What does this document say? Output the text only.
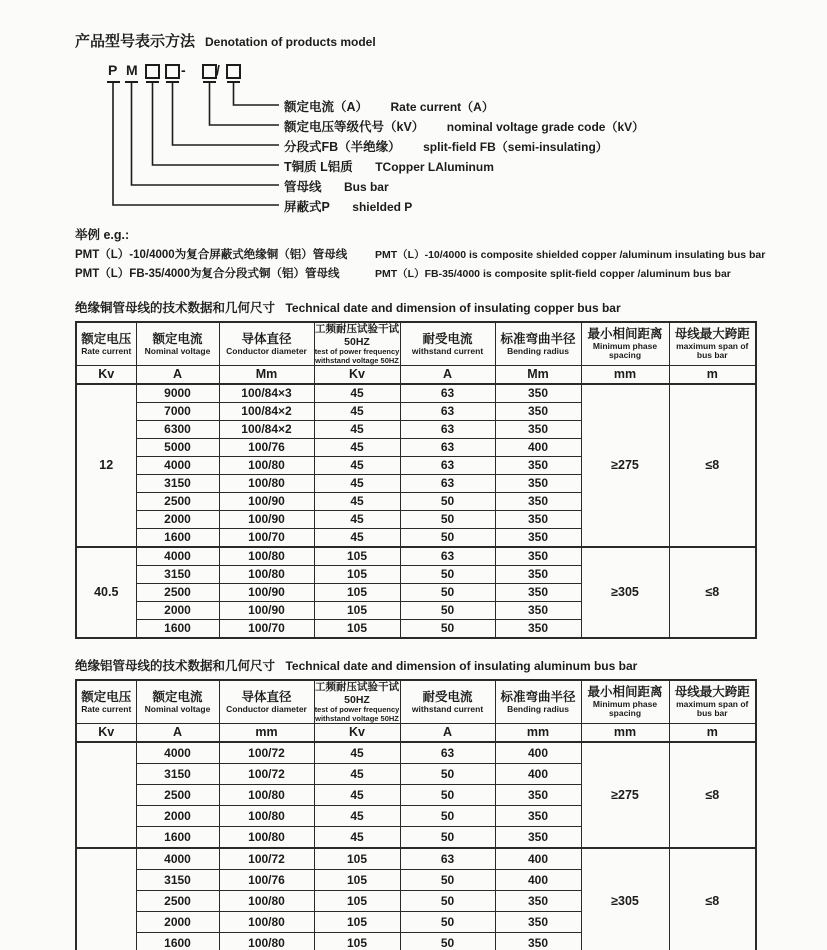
产品型号表示方法 Denotation of products model
P M	- /
额定电流（A） Rate current（A）
额定电压等级代号（kV） nominal voltage grade code（kV）
分段式FB（半绝缘） split-field FB（semi-insulating）
T铜质 L铝质 TCopper LAluminum
管母线 Bus bar
屏蔽式P shielded P
举例 e.g.:
PMT（L）-10/4000为复合屏蔽式绝缘铜（铝）管母线	PMT（L）-10/4000 is composite shielded copper /aluminum insulating bus bar
PMT（L）FB-35/4000为复合分段式铜（铝）管母线	PMT（L）FB-35/4000 is composite split-field copper /aluminum bus bar
绝缘铜管母线的技术数据和几何尺寸 Technical date and dimension of insulating copper bus bar
额定电压
Rate current

额定电流
Nominal voltage

导体直径
Conductor diameter

工频耐压试验干试50HZ
test of power frequency withstand voltage 50HZ

耐受电流
withstand current

标准弯曲半径
Bending radius

最小相间距离
Minimum phase spacing

母线最大跨距
maximum span of bus bar

Kv	A	Mm	Kv	A	Mm	mm	m
12	9000	100/84×3	45	63	350	≥275	≤8
	7000	100/84×2	45	63	350		
	6300	100/84×2	45	63	350		
	5000	100/76	45	63	400		
	4000	100/80	45	63	350		
	3150	100/80	45	63	350		
	2500	100/90	45	50	350		
	2000	100/90	45	50	350		
	1600	100/70	45	50	350		
40.5	4000	100/80	105	63	350	≥305	≤8
	3150	100/80	105	50	350		
	2500	100/90	105	50	350		
	2000	100/90	105	50	350		
	1600	100/70	105	50	350		
绝缘铝管母线的技术数据和几何尺寸 Technical date and dimension of insulating aluminum bus bar
额定电压
Rate current

额定电流
Nominal voltage

导体直径
Conductor diameter

工频耐压试验干试50HZ
test of power frequency withstand voltage 50HZ

耐受电流
withstand current

标准弯曲半径
Bending radius

最小相间距离
Minimum phase spacing

母线最大跨距
maximum span of bus bar

Kv	A	mm	Kv	A	mm	mm	m
	4000	100/72	45	63	400	≥275	≤8
	3150	100/72	45	50	400		
	2500	100/80	45	50	350		
	2000	100/80	45	50	350		
	1600	100/80	45	50	350		
	4000	100/72	105	63	400	≥305	≤8
	3150	100/76	105	50	400		
	2500	100/80	105	50	350		
	2000	100/80	105	50	350		
	1600	100/80	105	50	350		
